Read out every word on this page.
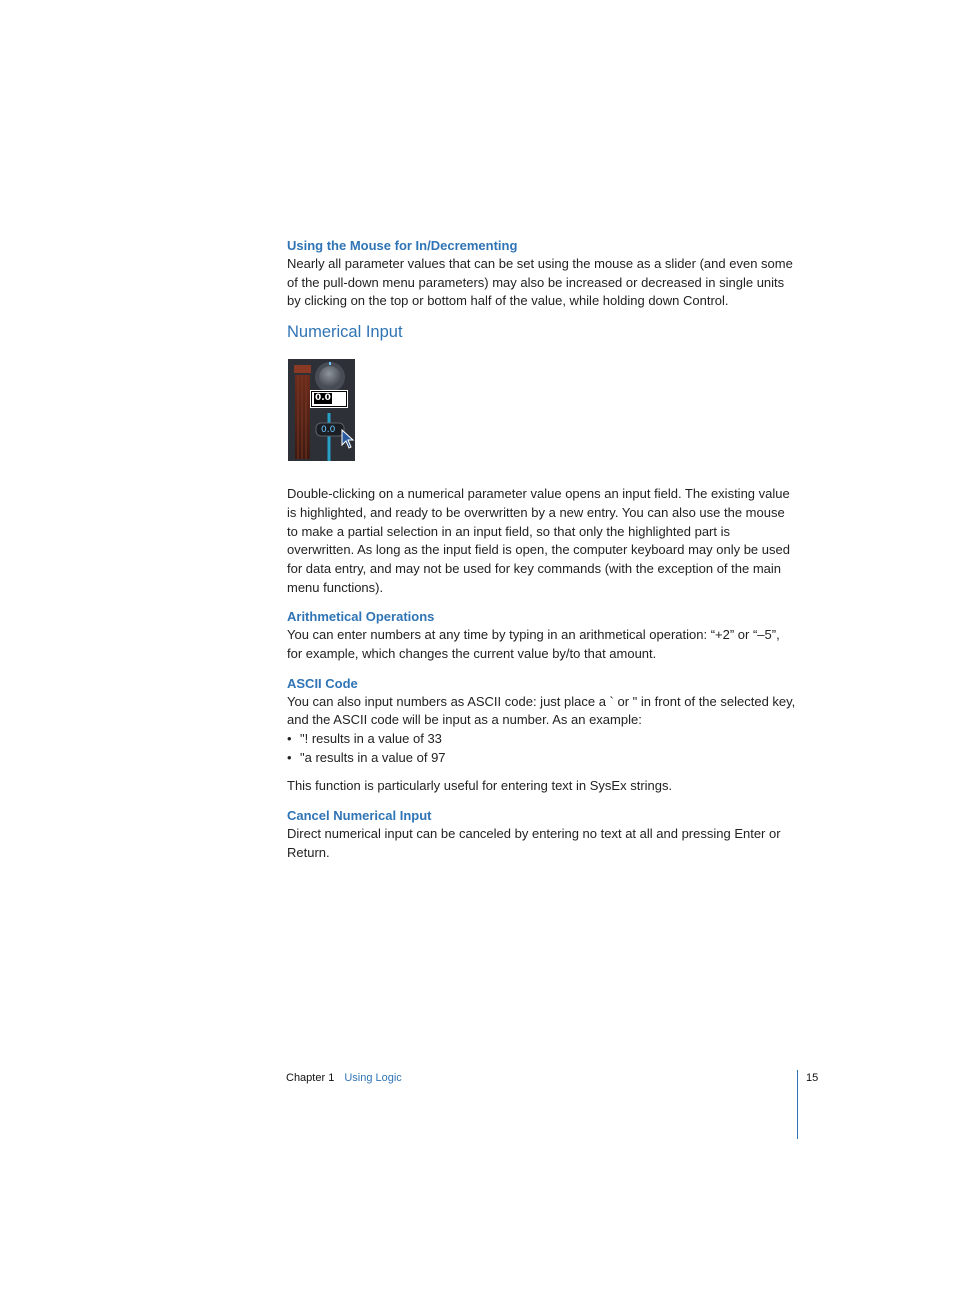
Using the Mouse for In/Decrementing

Nearly all parameter values that can be set using the mouse as a slider (and even some of the pull-down menu parameters) may also be increased or decreased in single units by clicking on the top or bottom half of the value, while holding down Control.

Numerical Input
0.0
0.0

Double-clicking on a numerical parameter value opens an input field. The existing value is highlighted, and ready to be overwritten by a new entry. You can also use the mouse to make a partial selection in an input field, so that only the highlighted part is overwritten. As long as the input field is open, the computer keyboard may only be used for data entry, and may not be used for key commands (with the exception of the main menu functions).

Arithmetical Operations

You can enter numbers at any time by typing in an arithmetical operation: “+2” or “–5”, for example, which changes the current value by/to that amount.

ASCII Code

You can also input numbers as ASCII code: just place a ` or " in front of the selected key, and the ASCII code will be input as a number. As an example:

• "! results in a value of 33
• "a results in a value of 97

This function is particularly useful for entering text in SysEx strings.

Cancel Numerical Input

Direct numerical input can be canceled by entering no text at all and pressing Enter or Return.

Chapter 1 Using Logic	15
